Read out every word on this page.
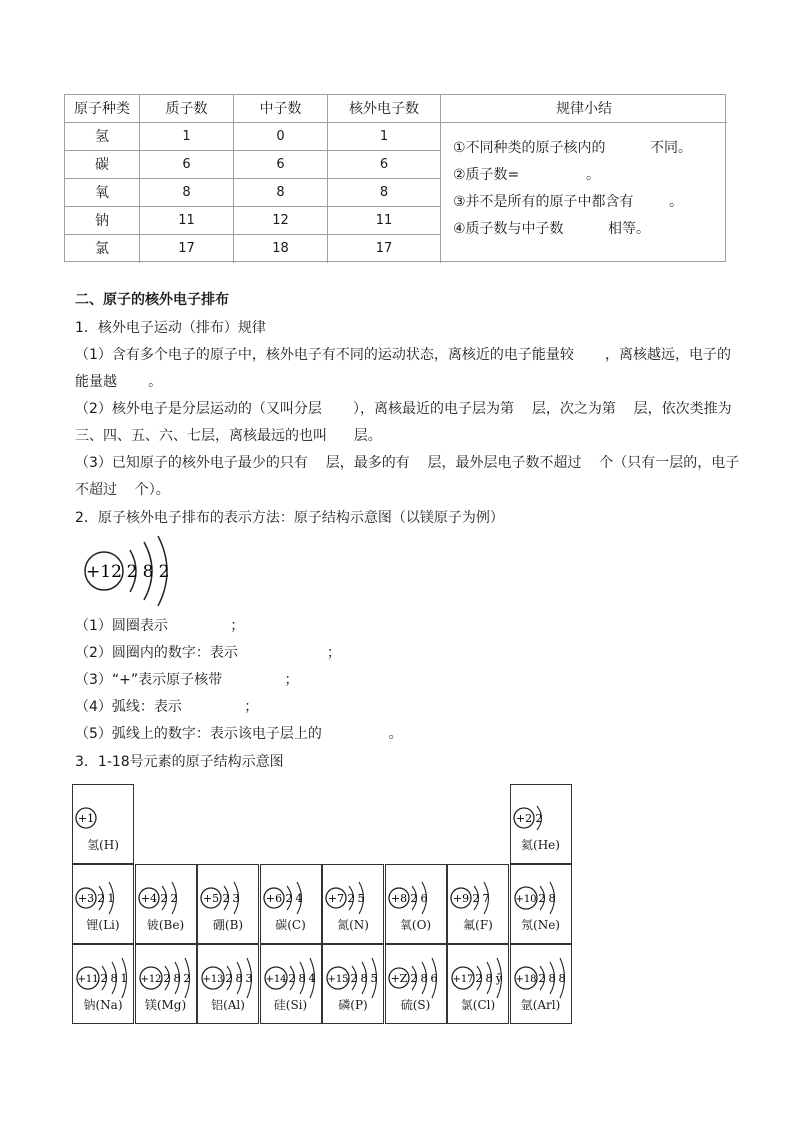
原子种类	质子数	中子数	核外电子数	规律小结
氢	1	0	1
碳	6	6	6
氧	8	8	8
钠	11	12	11
氯	17	18	17
①不同种类的原子核内的          不同。
②质子数=               。
③并不是所有的原子中都含有        。
④质子数与中子数          相等。
二、原子的核外电子排布
1．核外电子运动（排布）规律
（1）含有多个电子的原子中，核外电子有不同的运动状态，离核近的电子能量较       ，离核越远，电子的
能量越       。
（2）核外电子是分层运动的（又叫分层       ），离核最近的电子层为第    层，次之为第    层，依次类推为
三、四、五、六、七层，离核最远的也叫      层。
（3）已知原子的核外电子最少的只有    层，最多的有    层，最外层电子数不超过    个（只有一层的，电子
不超过    个）。
2．原子核外电子排布的表示方法：原子结构示意图（以镁原子为例）
+12 2 8 2
（1）圆圈表示              ；
（2）圆圈内的数字：表示                    ；
（3）“+”表示原子核带              ；
（4）弧线：表示              ；
（5）弧线上的数字：表示该电子层上的               。
3．1-18号元素的原子结构示意图
+1
氢(H)
+2 2
氦(He)
+3 2 1
锂(Li)
+4 2 2
铍(Be)
+5 2 3
硼(B)
+6 2 4
碳(C)
+7 2 5
氮(N)
+8 2 6
氧(O)
+9 2 7
氟(F)
+10 2 8
氖(Ne)
+11 2 8 1
钠(Na)
+12 2 8 2
镁(Mg)
+13 2 8 3
铝(Al)
+14 2 8 4
硅(Si)
+15 2 8 5
磷(P)
+Z 2 8 6
硫(S)
+17 2 8 ȳ
氯(Cl)
+18 2 8 8
氩(Arl)
